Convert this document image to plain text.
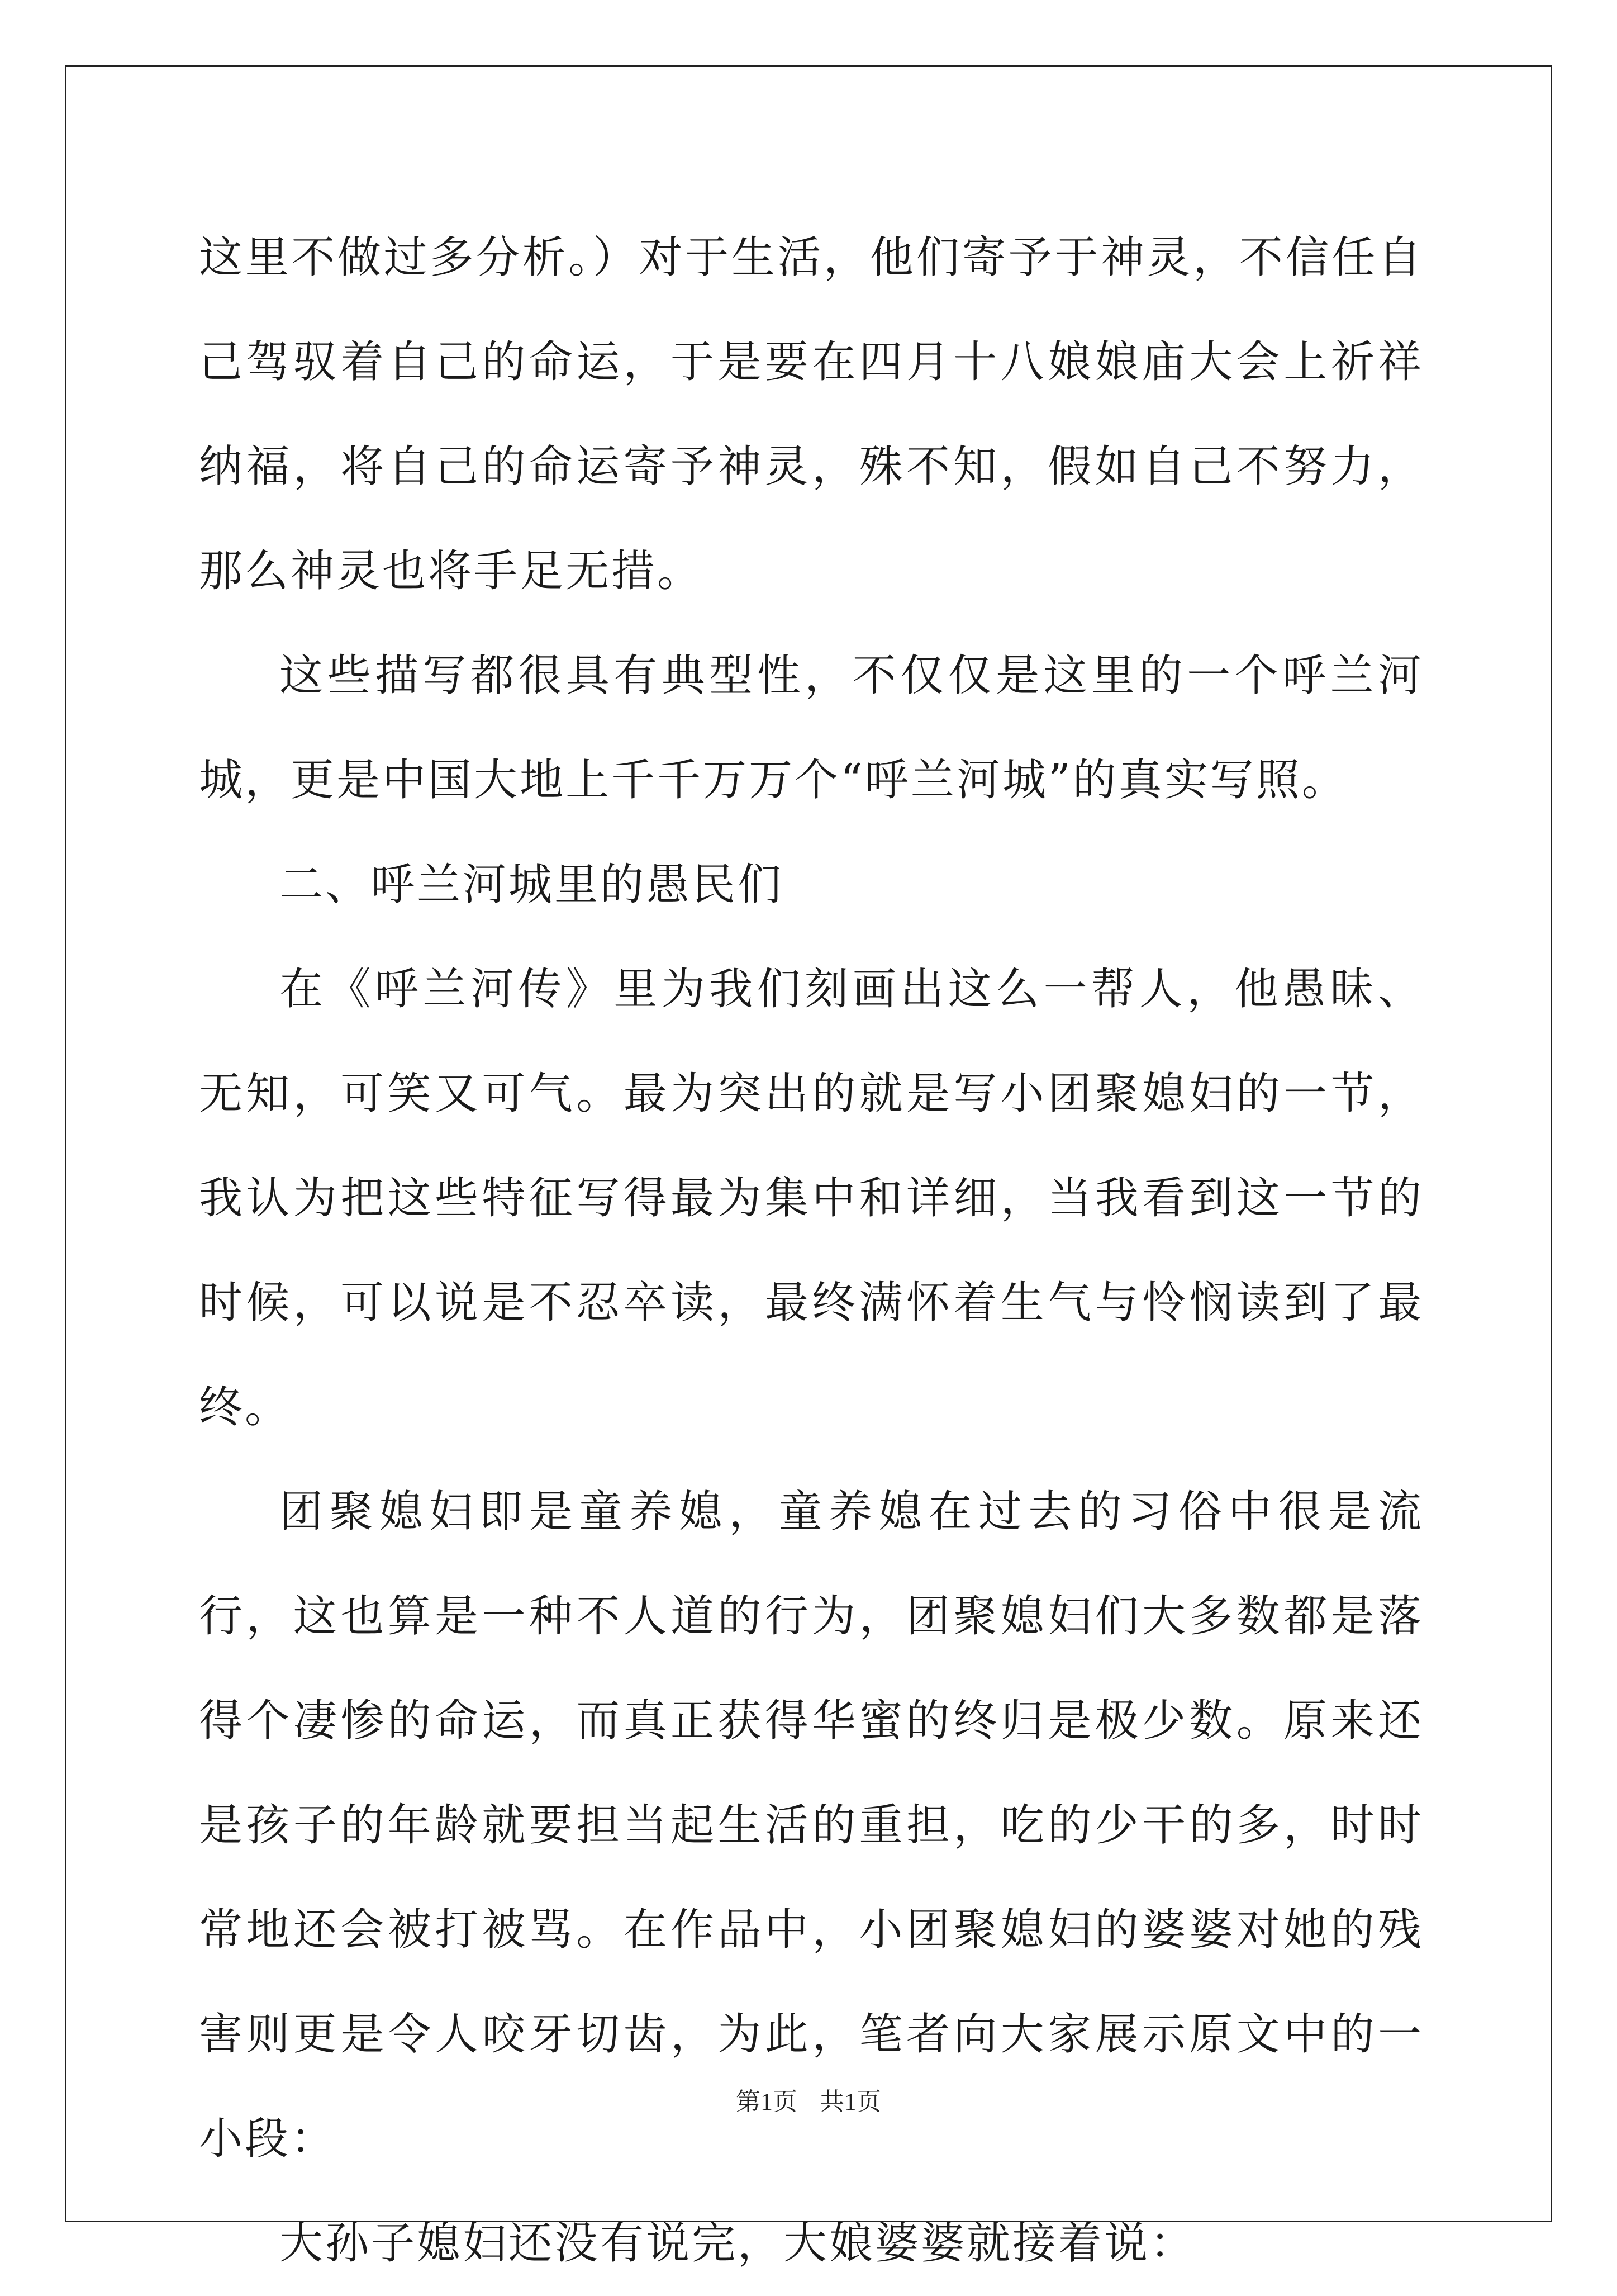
这里不做过多分析。）对于生活，他们寄予于神灵，不信任自己驾驭着自己的命运，于是要在四月十八娘娘庙大会上祈祥纳福，将自己的命运寄予神灵，殊不知，假如自己不努力，那么神灵也将手足无措。

这些描写都很具有典型性，不仅仅是这里的一个呼兰河城，更是中国大地上千千万万个“呼兰河城”的真实写照。

二、呼兰河城里的愚民们

在《呼兰河传》里为我们刻画出这么一帮人，他愚昧、无知，可笑又可气。最为突出的就是写小团聚媳妇的一节，我认为把这些特征写得最为集中和详细，当我看到这一节的时候，可以说是不忍卒读，最终满怀着生气与怜悯读到了最终。

团聚媳妇即是童养媳，童养媳在过去的习俗中很是流行，这也算是一种不人道的行为，团聚媳妇们大多数都是落得个凄惨的命运，而真正获得华蜜的终归是极少数。原来还是孩子的年龄就要担当起生活的重担，吃的少干的多，时时常地还会被打被骂。在作品中，小团聚媳妇的婆婆对她的残害则更是令人咬牙切齿，为此，笔者向大家展示原文中的一小段：

大孙子媳妇还没有说完，大娘婆婆就接着说：

第1页 共1页
